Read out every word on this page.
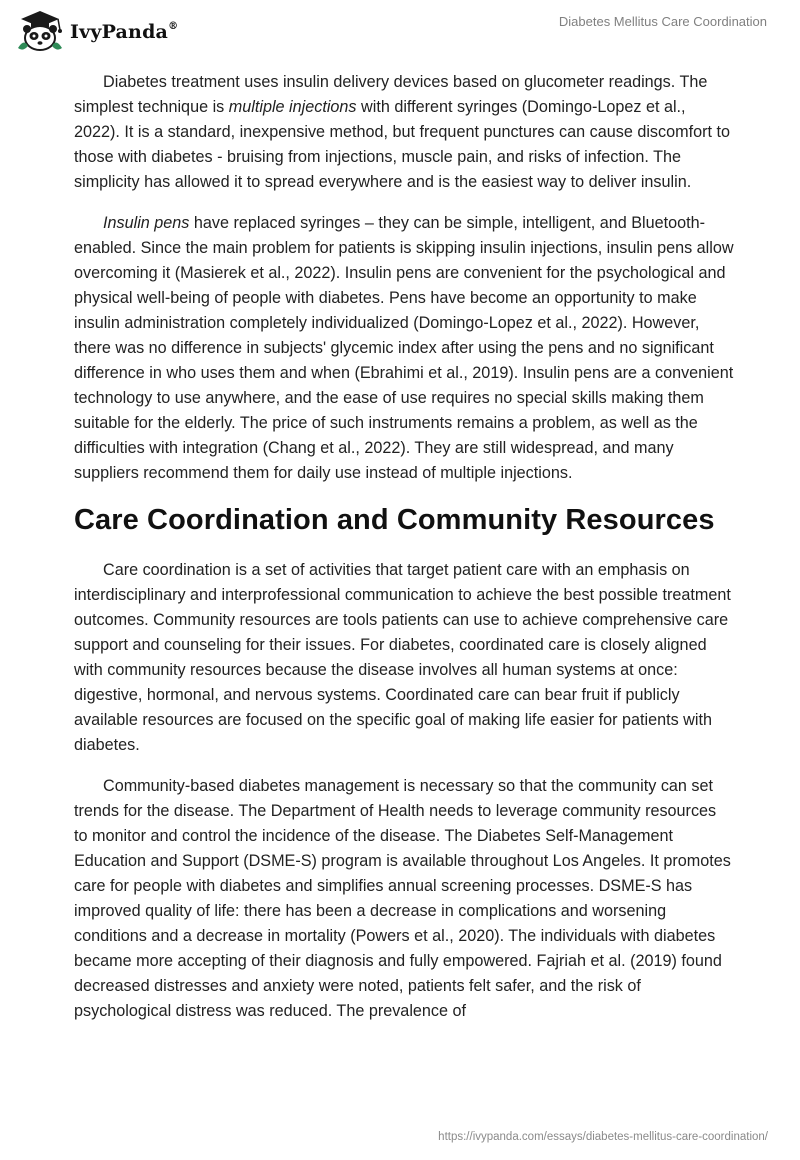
IvyPanda®	Diabetes Mellitus Care Coordination

Diabetes treatment uses insulin delivery devices based on glucometer readings. The simplest technique is multiple injections with different syringes (Domingo-Lopez et al., 2022). It is a standard, inexpensive method, but frequent punctures can cause discomfort to those with diabetes - bruising from injections, muscle pain, and risks of infection. The simplicity has allowed it to spread everywhere and is the easiest way to deliver insulin.

Insulin pens have replaced syringes – they can be simple, intelligent, and Bluetooth-enabled. Since the main problem for patients is skipping insulin injections, insulin pens allow overcoming it (Masierek et al., 2022). Insulin pens are convenient for the psychological and physical well-being of people with diabetes. Pens have become an opportunity to make insulin administration completely individualized (Domingo-Lopez et al., 2022). However, there was no difference in subjects' glycemic index after using the pens and no significant difference in who uses them and when (Ebrahimi et al., 2019). Insulin pens are a convenient technology to use anywhere, and the ease of use requires no special skills making them suitable for the elderly. The price of such instruments remains a problem, as well as the difficulties with integration (Chang et al., 2022). They are still widespread, and many suppliers recommend them for daily use instead of multiple injections.

Care Coordination and Community Resources

Care coordination is a set of activities that target patient care with an emphasis on interdisciplinary and interprofessional communication to achieve the best possible treatment outcomes. Community resources are tools patients can use to achieve comprehensive care support and counseling for their issues. For diabetes, coordinated care is closely aligned with community resources because the disease involves all human systems at once: digestive, hormonal, and nervous systems. Coordinated care can bear fruit if publicly available resources are focused on the specific goal of making life easier for patients with diabetes.

Community-based diabetes management is necessary so that the community can set trends for the disease. The Department of Health needs to leverage community resources to monitor and control the incidence of the disease. The Diabetes Self-Management Education and Support (DSME-S) program is available throughout Los Angeles. It promotes care for people with diabetes and simplifies annual screening processes. DSME-S has improved quality of life: there has been a decrease in complications and worsening conditions and a decrease in mortality (Powers et al., 2020). The individuals with diabetes became more accepting of their diagnosis and fully empowered. Fajriah et al. (2019) found decreased distresses and anxiety were noted, patients felt safer, and the risk of psychological distress was reduced. The prevalence of

https://ivypanda.com/essays/diabetes-mellitus-care-coordination/
